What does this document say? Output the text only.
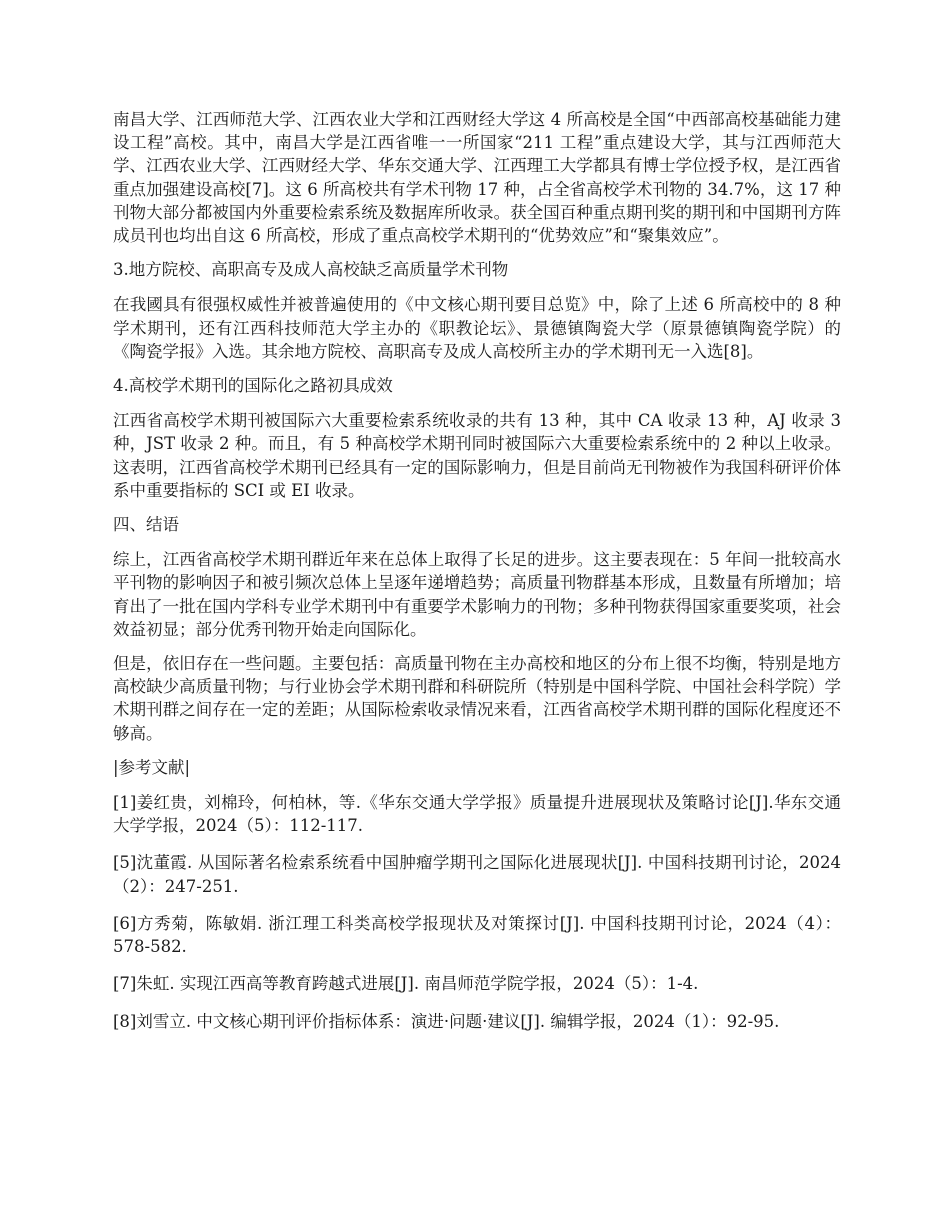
南昌大学、江西师范大学、江西农业大学和江西财经大学这 4 所高校是全国“中西部高校基础能力建设工程”高校。其中，南昌大学是江西省唯一一所国家“211 工程”重点建设大学，其与江西师范大学、江西农业大学、江西财经大学、华东交通大学、江西理工大学都具有博士学位授予权，是江西省重点加强建设高校[7]。这 6 所高校共有学术刊物 17 种，占全省高校学术刊物的 34.7%，这 17 种刊物大部分都被国内外重要检索系统及数据库所收录。获全国百种重点期刊奖的期刊和中国期刊方阵成员刊也均出自这 6 所高校，形成了重点高校学术期刊的“优势效应”和“聚集效应”。

3.地方院校、高职高专及成人高校缺乏高质量学术刊物

在我國具有很强权威性并被普遍使用的《中文核心期刊要目总览》中，除了上述 6 所高校中的 8 种学术期刊，还有江西科技师范大学主办的《职教论坛》、景德镇陶瓷大学（原景德镇陶瓷学院）的《陶瓷学报》入选。其余地方院校、高职高专及成人高校所主办的学术期刊无一入选[8]。

4.高校学术期刊的国际化之路初具成效

江西省高校学术期刊被国际六大重要检索系统收录的共有 13 种，其中 CA 收录 13 种，AJ 收录 3 种，JST 收录 2 种。而且，有 5 种高校学术期刊同时被国际六大重要检索系统中的 2 种以上收录。这表明，江西省高校学术期刊已经具有一定的国际影响力，但是目前尚无刊物被作为我国科研评价体系中重要指标的 SCI 或 EI 收录。

四、结语

综上，江西省高校学术期刊群近年来在总体上取得了长足的进步。这主要表现在：5 年间一批较高水平刊物的影响因子和被引频次总体上呈逐年递增趋势；高质量刊物群基本形成，且数量有所增加；培育出了一批在国内学科专业学术期刊中有重要学术影响力的刊物；多种刊物获得国家重要奖项，社会效益初显；部分优秀刊物开始走向国际化。

但是，依旧存在一些问题。主要包括：高质量刊物在主办高校和地区的分布上很不均衡，特别是地方高校缺少高质量刊物；与行业协会学术期刊群和科研院所（特别是中国科学院、中国社会科学院）学术期刊群之间存在一定的差距；从国际检索收录情况来看，江西省高校学术期刊群的国际化程度还不够高。

|参考文献|

[1]姜红贵，刘棉玲，何柏林，等.《华东交通大学学报》质量提升进展现状及策略讨论[J].华东交通大学学报，2024（5）：112-117.

[5]沈董霞. 从国际著名检索系统看中国肿瘤学期刊之国际化进展现状[J]. 中国科技期刊讨论，2024（2）：247-251.

[6]方秀菊，陈敏娟. 浙江理工科类高校学报现状及对策探讨[J]. 中国科技期刊讨论，2024（4）：578-582.

[7]朱虹. 实现江西高等教育跨越式进展[J]. 南昌师范学院学报，2024（5）：1-4.

[8]刘雪立. 中文核心期刊评价指标体系：演进·问题·建议[J]. 编辑学报，2024（1）：92-95.
